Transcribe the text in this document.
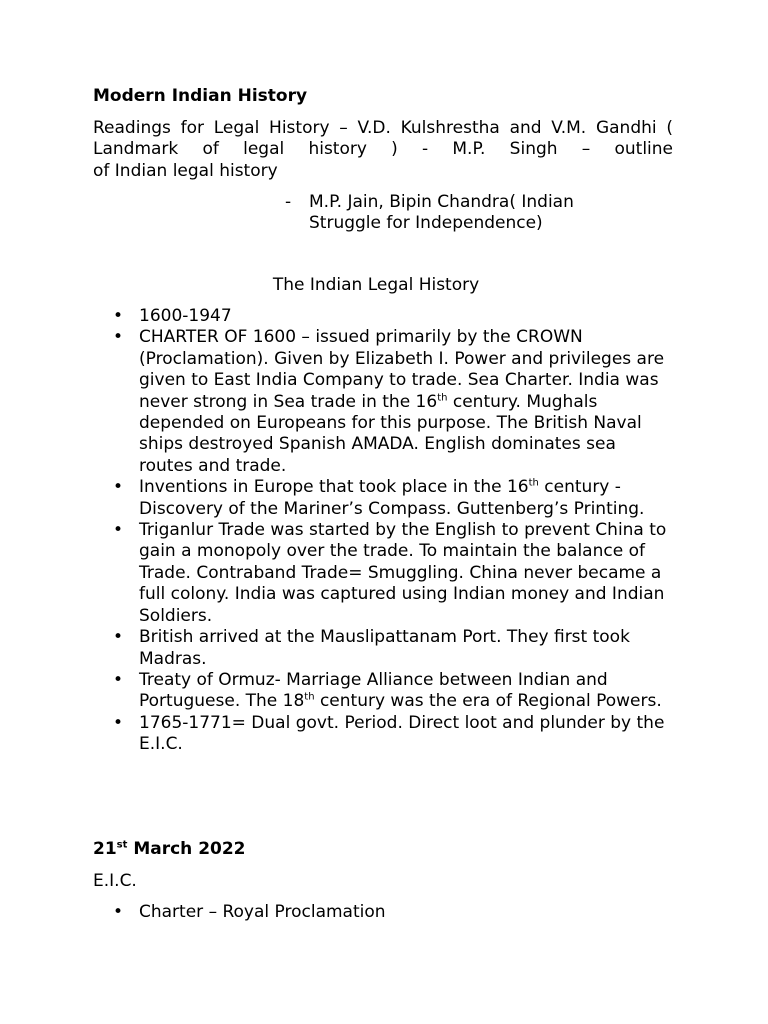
Modern Indian History

Readings for Legal History – V.D. Kulshrestha and V.M. Gandhi ( Landmark of legal history ) - M.P. Singh – outline
of Indian legal history

- M.P. Jain, Bipin Chandra( Indian Struggle for Independence)
The Indian Legal History
• 1600-1947
• CHARTER OF 1600 – issued primarily by the CROWN (Proclamation). Given by Elizabeth I. Power and privileges are given to East India Company to trade. Sea Charter. India was never strong in Sea trade in the 16th century. Mughals depended on Europeans for this purpose. The British Naval ships destroyed Spanish AMADA. English dominates sea routes and trade.
• Inventions in Europe that took place in the 16th century - Discovery of the Mariner’s Compass. Guttenberg’s Printing.
• Triganlur Trade was started by the English to prevent China to gain a monopoly over the trade. To maintain the balance of Trade. Contraband Trade= Smuggling. China never became a full colony. India was captured using Indian money and Indian Soldiers.
• British arrived at the Mauslipattanam Port. They first took Madras.
• Treaty of Ormuz- Marriage Alliance between Indian and Portuguese. The 18th century was the era of Regional Powers.
• 1765-1771= Dual govt. Period. Direct loot and plunder by the E.I.C.
21st March 2022

E.I.C.

• Charter – Royal Proclamation
